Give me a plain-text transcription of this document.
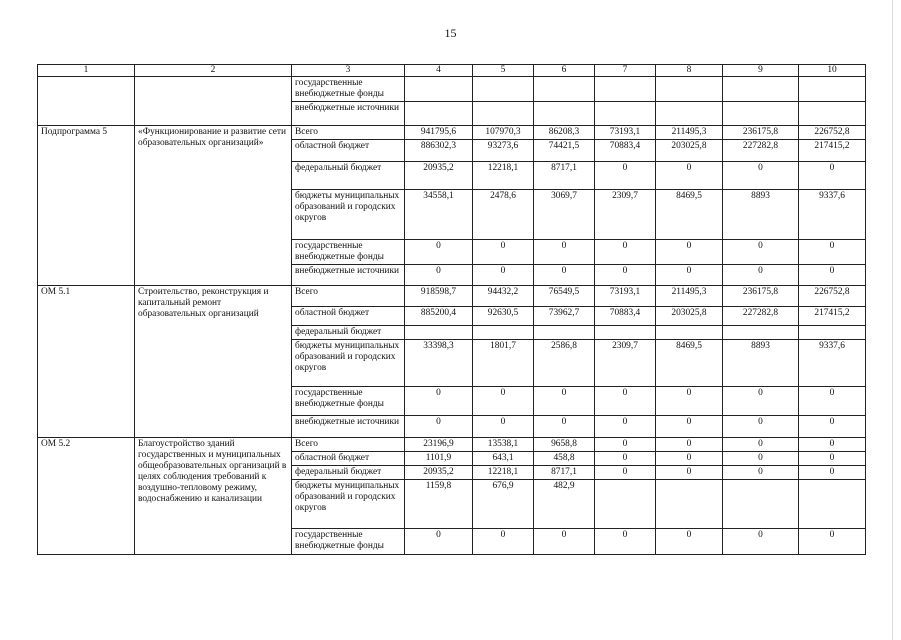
15
1	2	3	4	5	6	7	8	9	10
		государственные внебюджетные фонды							
		внебюджетные источники							
Подпрограмма 5	«Функционирование и развитие сети образовательных организаций»	Всего	941795,6	107970,3	86208,3	73193,1	211495,3	236175,8	226752,8
		областной бюджет	886302,3	93273,6	74421,5	70883,4	203025,8	227282,8	217415,2
		федеральный бюджет	20935,2	12218,1	8717,1	0	0	0	0
		бюджеты муниципальных образований и городских округов	34558,1	2478,6	3069,7	2309,7	8469,5	8893	9337,6
		государственные внебюджетные фонды	0	0	0	0	0	0	0
		внебюджетные источники	0	0	0	0	0	0	0
ОМ 5.1	Строительство, реконструкция и капитальный ремонт образовательных организаций	Всего	918598,7	94432,2	76549,5	73193,1	211495,3	236175,8	226752,8
		областной бюджет	885200,4	92630,5	73962,7	70883,4	203025,8	227282,8	217415,2
		федеральный бюджет							
		бюджеты муниципальных образований и городских округов	33398,3	1801,7	2586,8	2309,7	8469,5	8893	9337,6
		государственные внебюджетные фонды	0	0	0	0	0	0	0
		внебюджетные источники	0	0	0	0	0	0	0
ОМ 5.2	Благоустройство зданий государственных и муниципальных общеобразовательных организаций в целях соблюдения требований к воздушно-тепловому режиму, водоснабжению и канализации	Всего	23196,9	13538,1	9658,8	0	0	0	0
		областной бюджет	1101,9	643,1	458,8	0	0	0	0
		федеральный бюджет	20935,2	12218,1	8717,1	0	0	0	0
		бюджеты муниципальных образований и городских округов	1159,8	676,9	482,9				
		государственные внебюджетные фонды	0	0	0	0	0	0	0
